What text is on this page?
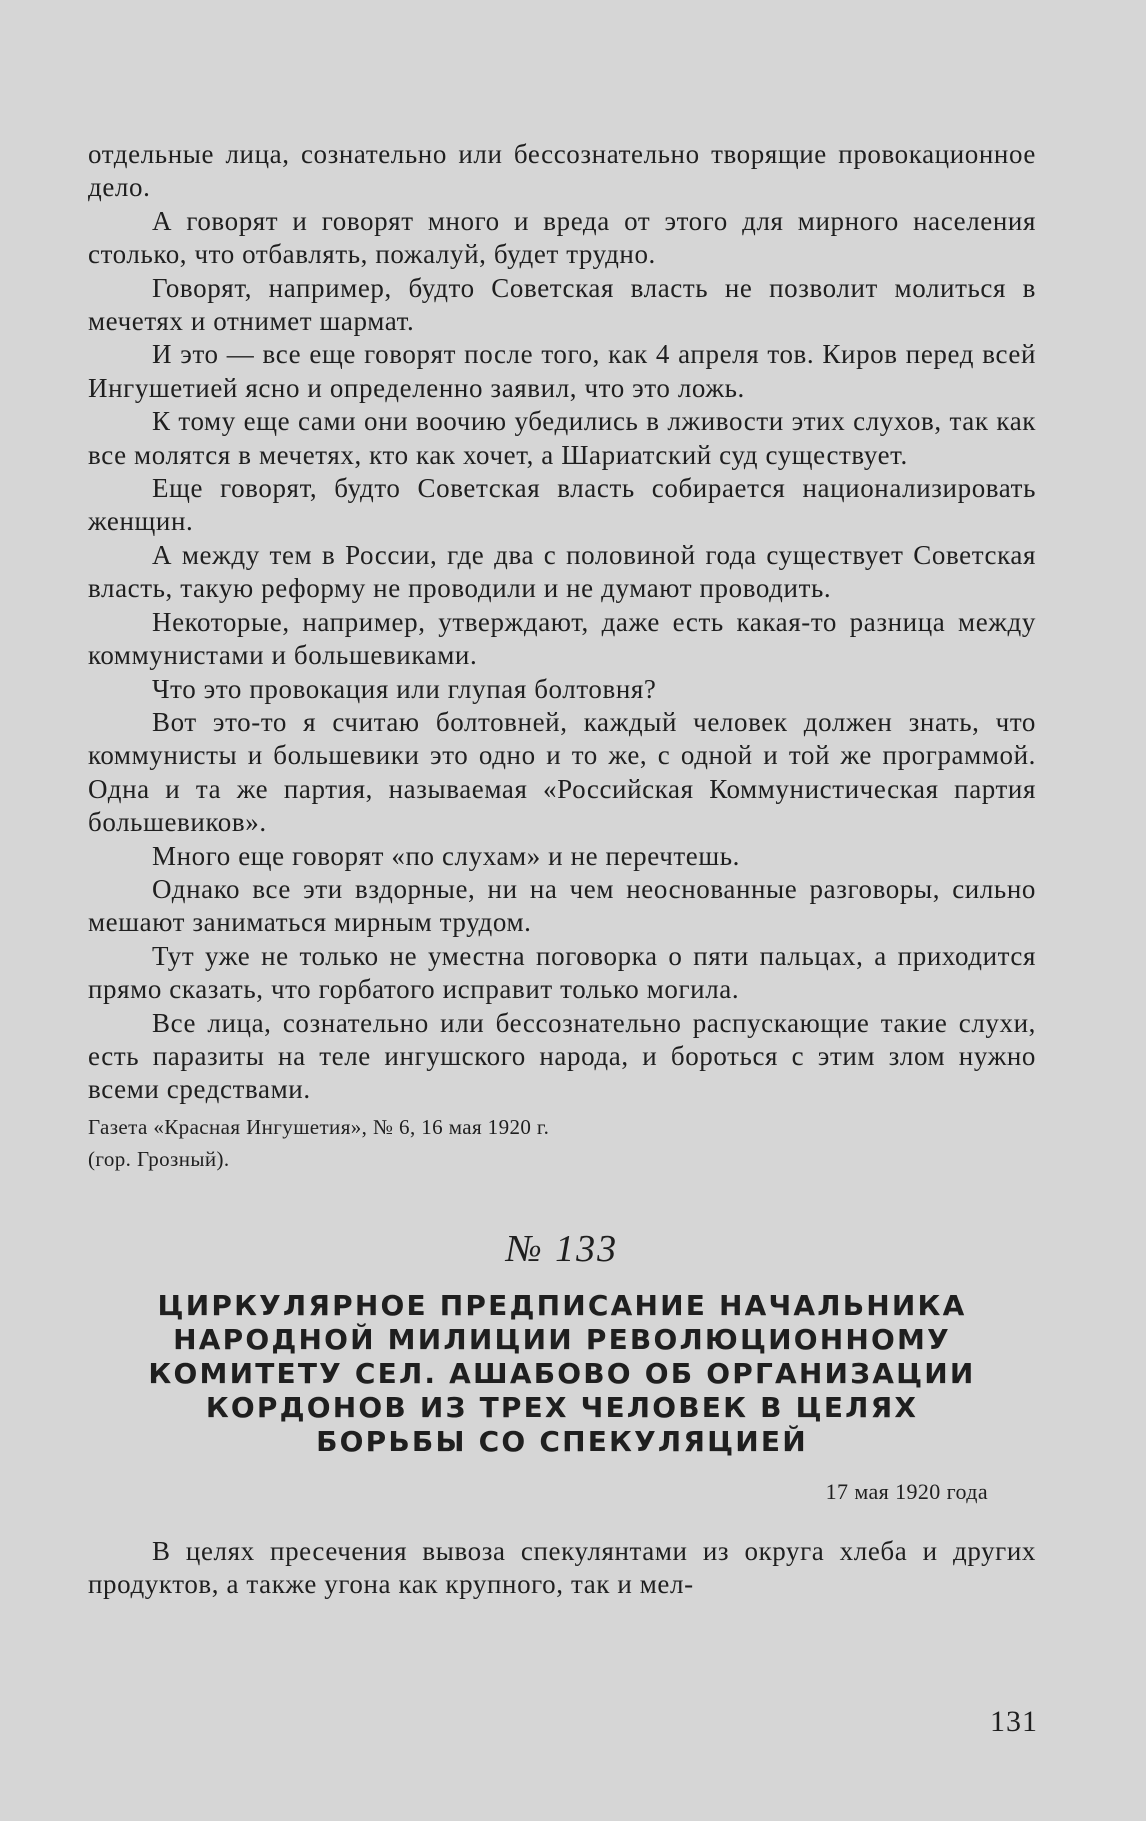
отдельные лица, сознательно или бессознательно творящие провокационное дело.

А говорят и говорят много и вреда от этого для мирного населения столько, что отбавлять, пожалуй, будет трудно.

Говорят, например, будто Советская власть не позволит молиться в мечетях и отнимет шармат.

И это — все еще говорят после того, как 4 апреля тов. Киров перед всей Ингушетией ясно и определенно заявил, что это ложь.

К тому еще сами они воочию убедились в лживости этих слухов, так как все молятся в мечетях, кто как хочет, а Шариатский суд существует.

Еще говорят, будто Советская власть собирается национализировать женщин.

А между тем в России, где два с половиной года существует Советская власть, такую реформу не проводили и не думают проводить.

Некоторые, например, утверждают, даже есть какая-то разница между коммунистами и большевиками.

Что это провокация или глупая болтовня?

Вот это-то я считаю болтовней, каждый человек должен знать, что коммунисты и большевики это одно и то же, с одной и той же программой. Одна и та же партия, называемая «Российская Коммунистическая партия большевиков».

Много еще говорят «по слухам» и не перечтешь.

Однако все эти вздорные, ни на чем неоснованные разговоры, сильно мешают заниматься мирным трудом.

Тут уже не только не уместна поговорка о пяти пальцах, а приходится прямо сказать, что горбатого исправит только могила.

Все лица, сознательно или бессознательно распускающие такие слухи, есть паразиты на теле ингушского народа, и бороться с этим злом нужно всеми средствами.

Газета «Красная Ингушетия», № 6, 16 мая 1920 г.
(гор. Грозный).
№ 133

ЦИРКУЛЯРНОЕ ПРЕДПИСАНИЕ НАЧАЛЬНИКА

НАРОДНОЙ МИЛИЦИИ РЕВОЛЮЦИОННОМУ

КОМИТЕТУ СЕЛ. АШАБОВО ОБ ОРГАНИЗАЦИИ

КОРДОНОВ ИЗ ТРЕХ ЧЕЛОВЕК В ЦЕЛЯХ

БОРЬБЫ СО СПЕКУЛЯЦИЕЙ

17 мая 1920 года

В целях пресечения вывоза спекулянтами из округа хлеба и других продуктов, а также угона как крупного, так и мел-

131
